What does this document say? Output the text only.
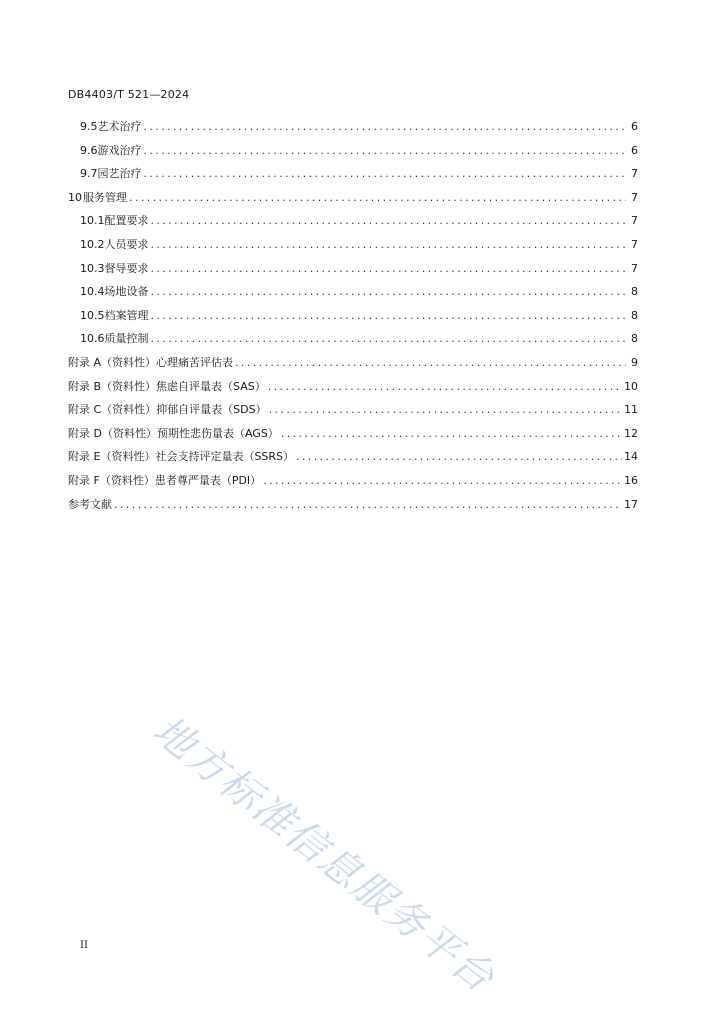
DB4403/T 521—2024
9.5 艺术治疗 .....	6
9.6 游戏治疗 .....	6
9.7 园艺治疗 .....	7
10 服务管理 .....	7
10.1 配置要求 .....	7
10.2 人员要求 .....	7
10.3 督导要求 .....	7
10.4 场地设备 .....	8
10.5 档案管理 .....	8
10.6 质量控制 .....	8
附录 A（资料性） 心理痛苦评估表 .....	9
附录 B（资料性） 焦虑自评量表（SAS） .....	10
附录 C（资料性） 抑郁自评量表（SDS） .....	11
附录 D（资料性） 预期性悲伤量表（AGS） .....	12
附录 E（资料性） 社会支持评定量表（SSRS） .....	14
附录 F（资料性） 患者尊严量表（PDI） .....	16
参考文献 .....	17
地方标准信息服务平台
II
